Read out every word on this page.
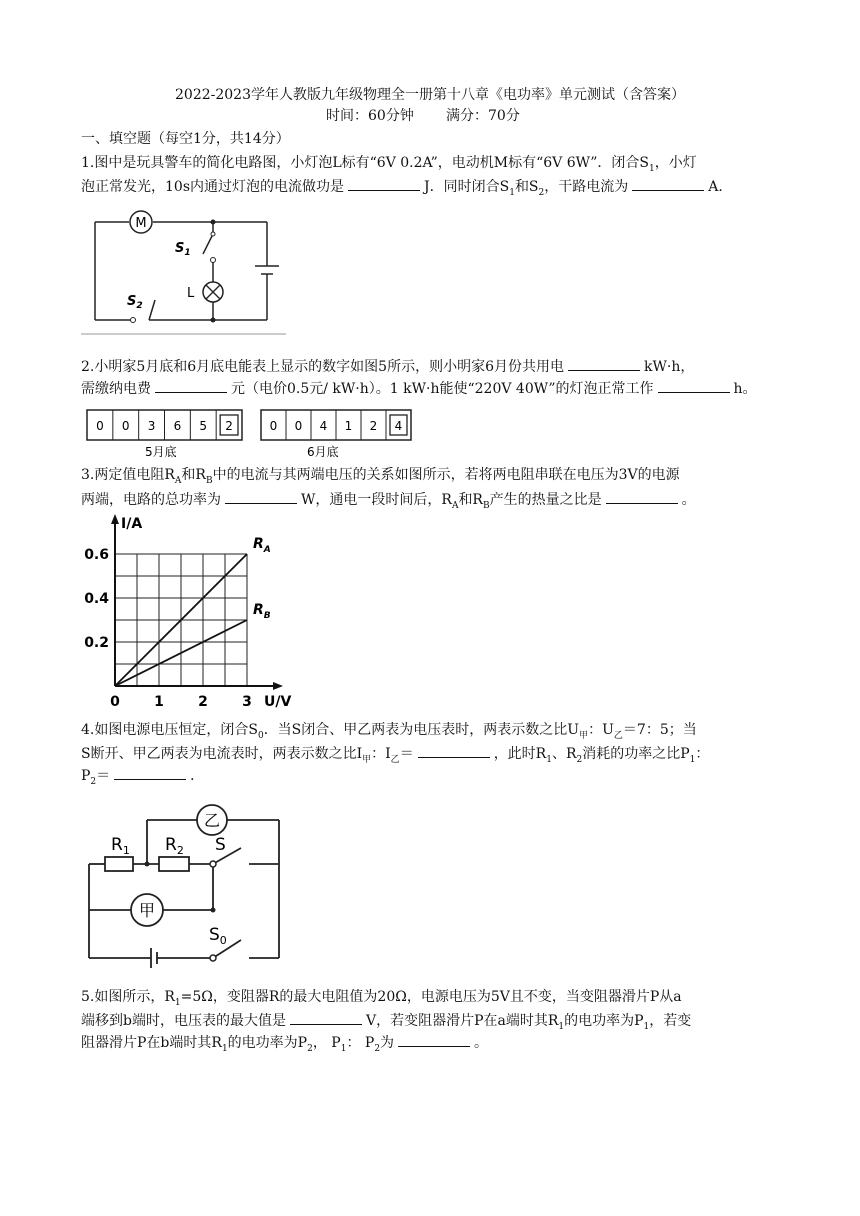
2022-2023学年人教版九年级物理全一册第十八章《电功率》单元测试（含答案）
时间：60分钟 满分：70分
一、填空题（每空1分，共14分）
1.图中是玩具警车的简化电路图，小灯泡L标有“6V 0.2A”，电动机M标有“6V 6W”．闭合$S_1$，小灯
泡正常发光，10s内通过灯泡的电流做功是	J．同时闭合$S_1$和$S_2$，干路电流为	A．
M
$S_1$
L
$S_2$
2.小明家5月底和6月底电能表上显示的数字如图5所示，则小明家6月份共用电	kW·h，
需缴纳电费	元（电价0.5元/ kW·h）。1 kW·h能使“220V 40W”的灯泡正常工作	h。
0 0 3 6 5 2	0 0 4 1 2 4
5月底	6月底
3.两定值电阻$R_A$和$R_B$中的电流与其两端电压的关系如图所示，若将两电阻串联在电压为3V的电源
两端，电路的总功率为	W，通电一段时间后，$R_A$和$R_B$产生的热量之比是	。
$R_A$
$R_B$
0 1 2 3
0.2
0.4
0.6
I/A
U/V
4.如图电源电压恒定，闭合$S_0$．当S闭合、甲乙两表为电压表时，两表示数之比$U_甲$：$U_乙=7$：5；当
S断开、甲乙两表为电流表时，两表示数之比$I_甲$：$I_乙=$	，此时$R_1$、$R_2$消耗的功率之比$P_1$：
$P_2=$	．
乙
甲
$R_1$ $R_2$ S
$S_0$
5.如图所示，$R_1=5\Omega$，变阻器R的最大电阻值为20Ω，电源电压为5V且不变，当变阻器滑片P从a
端移到b端时，电压表的最大值是	V，若变阻器滑片P在a端时其$R_1$的电功率为$P_1$，若变
阻器滑片P在b端时其$R_1$的电功率为$P_2$， $P_1$： $P_2$为	。
